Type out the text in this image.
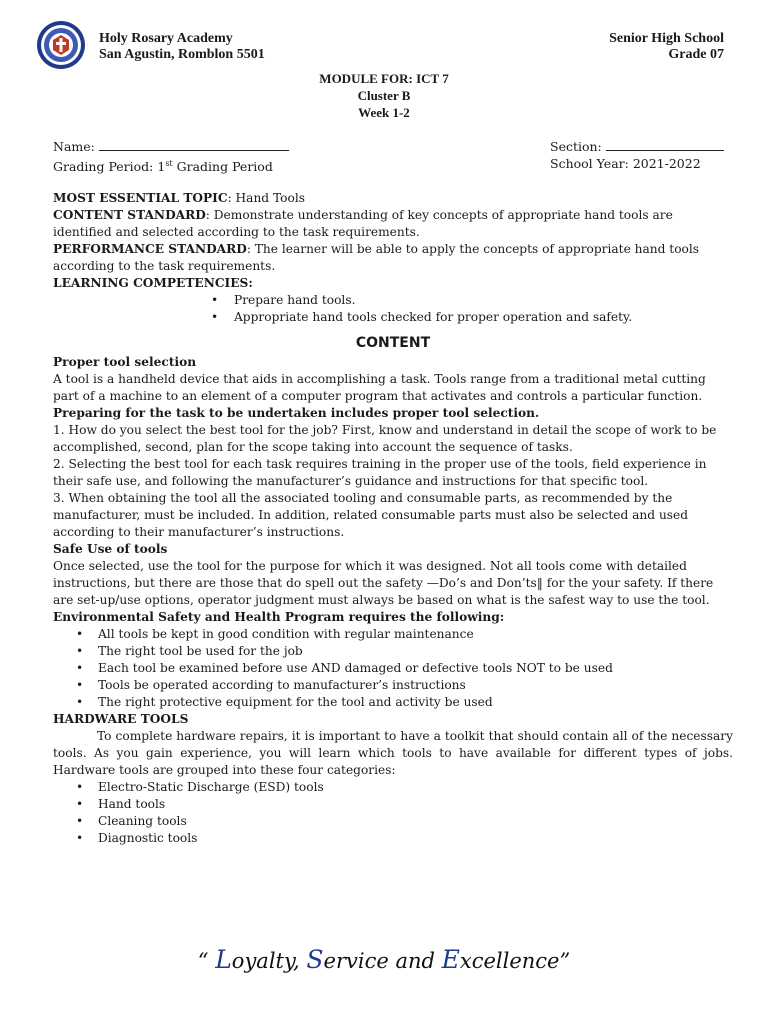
Holy Rosary Academy
San Agustin, Romblon 5501
Senior High School
Grade 07
MODULE FOR: ICT 7
Cluster B
Week 1-2
Name:	Section:
Grading Period: 1st Grading Period	School Year: 2021-2022

MOST ESSENTIAL TOPIC: Hand Tools

CONTENT STANDARD: Demonstrate understanding of key concepts of appropriate hand tools are identified and selected according to the task requirements.

PERFORMANCE STANDARD: The learner will be able to apply the concepts of appropriate hand tools according to the task requirements.

LEARNING COMPETENCIES:

• Prepare hand tools.
• Appropriate hand tools checked for proper operation and safety.
CONTENT

Proper tool selection

A tool is a handheld device that aids in accomplishing a task. Tools range from a traditional metal cutting part of a machine to an element of a computer program that activates and controls a particular function.

Preparing for the task to be undertaken includes proper tool selection.

1. How do you select the best tool for the job? First, know and understand in detail the scope of work to be accomplished, second, plan for the scope taking into account the sequence of tasks.

2. Selecting the best tool for each task requires training in the proper use of the tools, field experience in their safe use, and following the manufacturer’s guidance and instructions for that specific tool.

3. When obtaining the tool all the associated tooling and consumable parts, as recommended by the manufacturer, must be included. In addition, related consumable parts must also be selected and used according to their manufacturer’s instructions.

Safe Use of tools

Once selected, use the tool for the purpose for which it was designed. Not all tools come with detailed instructions, but there are those that do spell out the safety —Do’s and Don’ts‖ for the your safety. If there are set-up/use options, operator judgment must always be based on what is the safest way to use the tool.

Environmental Safety and Health Program requires the following:

• All tools be kept in good condition with regular maintenance
• The right tool be used for the job
• Each tool be examined before use AND damaged or defective tools NOT to be used
• Tools be operated according to manufacturer’s instructions
• The right protective equipment for the tool and activity be used

HARDWARE TOOLS

To complete hardware repairs, it is important to have a toolkit that should contain all of the necessary tools. As you gain experience, you will learn which tools to have available for different types of jobs. Hardware tools are grouped into these four categories:

• Electro-Static Discharge (ESD) tools
• Hand tools
• Cleaning tools
• Diagnostic tools
“ Loyalty, Service and Excellence”
